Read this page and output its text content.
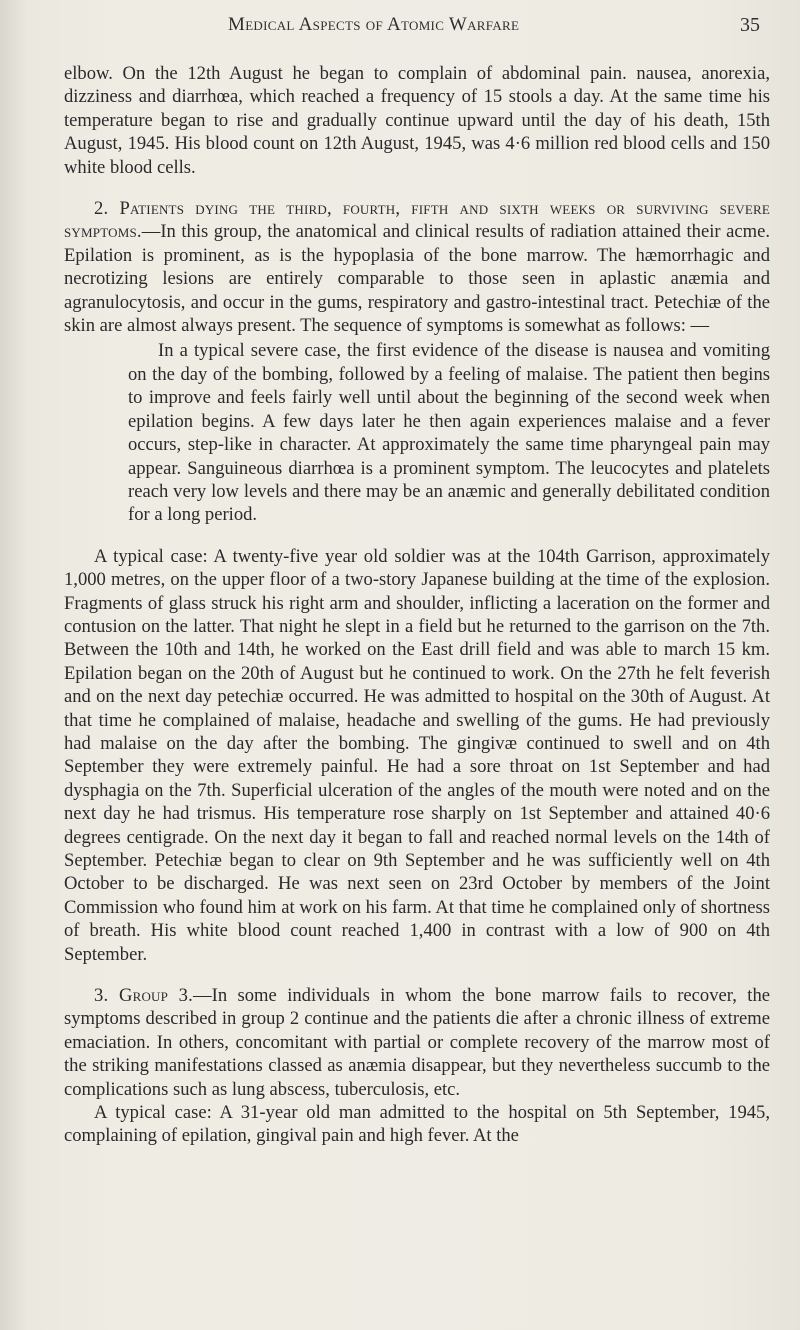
Medical Aspects of Atomic Warfare	35

elbow. On the 12th August he began to complain of abdominal pain. nausea, anorexia, dizziness and diarrhœa, which reached a frequency of 15 stools a day. At the same time his temperature began to rise and gradually continue upward until the day of his death, 15th August, 1945. His blood count on 12th August, 1945, was 4·6 million red blood cells and 150 white blood cells.

2. Patients dying the third, fourth, fifth and sixth weeks or surviving severe symptoms.—In this group, the anatomical and clinical results of radiation attained their acme. Epilation is prominent, as is the hypoplasia of the bone marrow. The hæmorrhagic and necrotizing lesions are entirely comparable to those seen in aplastic anæmia and agranulocytosis, and occur in the gums, respiratory and gastro-intestinal tract. Petechiæ of the skin are almost always present. The sequence of symptoms is somewhat as follows: —

In a typical severe case, the first evidence of the disease is nausea and vomiting on the day of the bombing, followed by a feeling of malaise. The patient then begins to improve and feels fairly well until about the beginning of the second week when epilation begins. A few days later he then again experiences malaise and a fever occurs, step-like in character. At approximately the same time pharyngeal pain may appear. Sanguineous diarrhœa is a prominent symptom. The leucocytes and platelets reach very low levels and there may be an anæmic and generally debilitated condition for a long period.

A typical case: A twenty-five year old soldier was at the 104th Garrison, approximately 1,000 metres, on the upper floor of a two-story Japanese building at the time of the explosion. Fragments of glass struck his right arm and shoulder, inflicting a laceration on the former and contusion on the latter. That night he slept in a field but he returned to the garrison on the 7th. Between the 10th and 14th, he worked on the East drill field and was able to march 15 km. Epilation began on the 20th of August but he continued to work. On the 27th he felt feverish and on the next day petechiæ occurred. He was admitted to hospital on the 30th of August. At that time he complained of malaise, headache and swelling of the gums. He had previously had malaise on the day after the bombing. The gingivæ continued to swell and on 4th September they were extremely painful. He had a sore throat on 1st September and had dysphagia on the 7th. Superficial ulceration of the angles of the mouth were noted and on the next day he had trismus. His temperature rose sharply on 1st September and attained 40·6 degrees centigrade. On the next day it began to fall and reached normal levels on the 14th of September. Petechiæ began to clear on 9th September and he was sufficiently well on 4th October to be discharged. He was next seen on 23rd October by members of the Joint Commission who found him at work on his farm. At that time he complained only of shortness of breath. His white blood count reached 1,400 in contrast with a low of 900 on 4th September.

3. Group 3.—In some individuals in whom the bone marrow fails to recover, the symptoms described in group 2 continue and the patients die after a chronic illness of extreme emaciation. In others, concomitant with partial or complete recovery of the marrow most of the striking manifestations classed as anæmia disappear, but they nevertheless succumb to the complications such as lung abscess, tuberculosis, etc.

A typical case: A 31-year old man admitted to the hospital on 5th September, 1945, complaining of epilation, gingival pain and high fever. At the
